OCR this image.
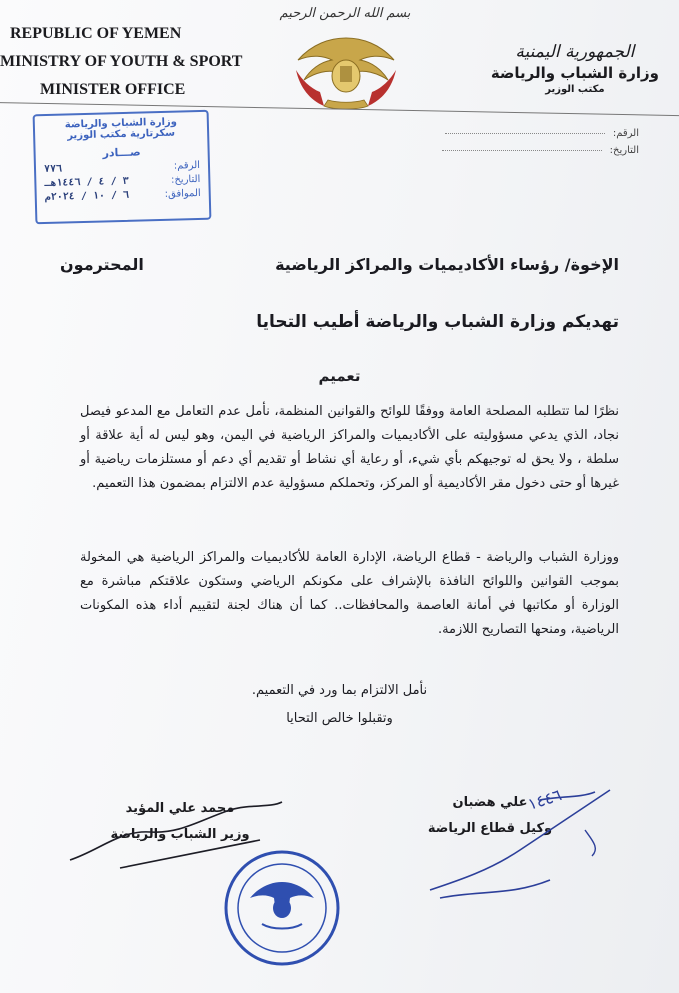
REPUBLIC OF YEMEN
MINISTRY OF YOUTH & SPORT
MINISTER OFFICE
بسم الله الرحمن الرحيم
الجمهورية اليمنية
وزارة الشباب والرياضة
مكتب الوزير
الرقم:
التاريخ:
وزارة الشباب والرياضة
سكرتارية مكتب الوزير
صـــادر
الرقم:
٧٧٦
التاريخ:
٣ / ٤ / ١٤٤٦هـ
الموافق:
٦ / ١٠ / ٢٠٢٤م
الإخوة/ رؤساء الأكاديميات والمراكز الرياضية
المحترمون
تهديكم وزارة الشباب والرياضة أطيب التحايا
تعميم
نظرًا لما تتطلبه المصلحة العامة ووفقًا للوائح والقوانين المنظمة، نأمل عدم التعامل مع المدعو فيصل نجاد، الذي يدعي مسؤوليته على الأكاديميات والمراكز الرياضية في اليمن، وهو ليس له أية علاقة أو سلطة ، ولا يحق له توجيهكم بأي شيء، أو رعاية أي نشاط أو تقديم أي دعم أو مستلزمات رياضية أو غيرها أو حتى دخول مقر الأكاديمية أو المركز، وتحملكم مسؤولية عدم الالتزام بمضمون هذا التعميم.
ووزارة الشباب والرياضة - قطاع الرياضة، الإدارة العامة للأكاديميات والمراكز الرياضية هي المخولة بموجب القوانين واللوائح النافذة بالإشراف على مكونكم الرياضي وستكون علاقتكم مباشرة مع الوزارة أو مكاتبها في أمانة العاصمة والمحافظات.. كما أن هناك لجنة لتقييم أداء هذه المكونات الرياضية، ومنحها التصاريح اللازمة.
نأمل الالتزام بما ورد في التعميم.
وتقبلوا خالص التحايا
محمد علي المؤيد
وزير الشباب والرياضة
علي هضبان
وكيل قطاع الرياضة
١٤٤٦
